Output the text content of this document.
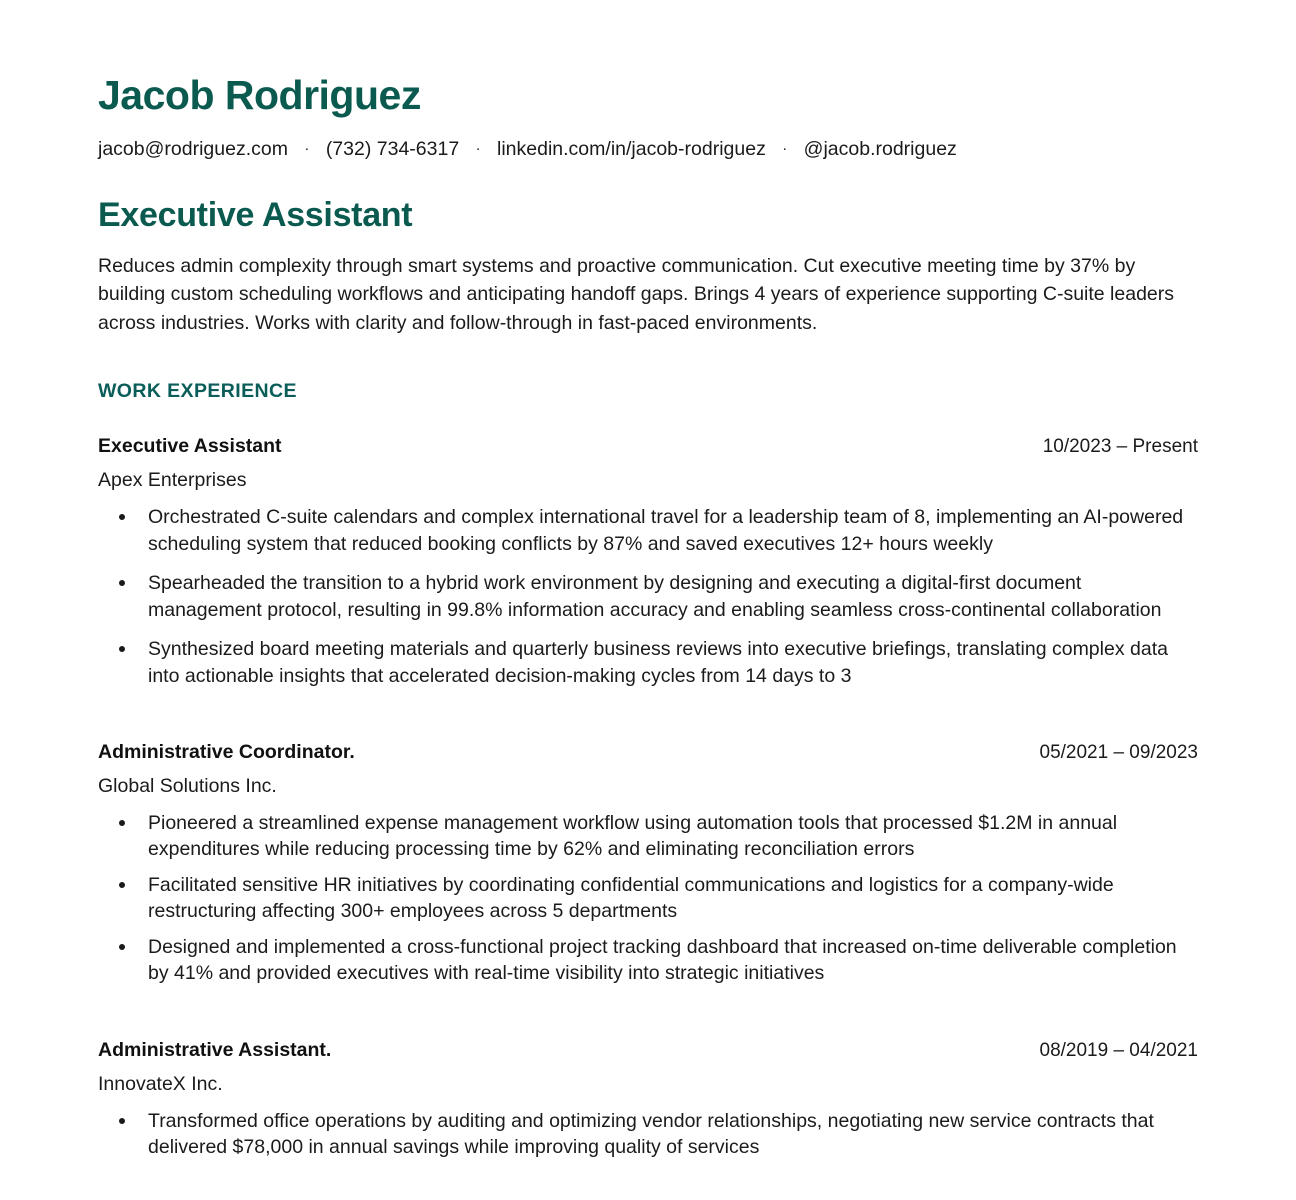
Jacob Rodriguez
jacob@rodriguez.com · (732) 734-6317 · linkedin.com/in/jacob-rodriguez · @jacob.rodriguez
Executive Assistant

Reduces admin complexity through smart systems and proactive communication. Cut executive meeting time by 37% by building custom scheduling workflows and anticipating handoff gaps. Brings 4 years of experience supporting C-suite leaders across industries. Works with clarity and follow-through in fast-paced environments.

WORK EXPERIENCE
Executive Assistant	10/2023 – Present
Apex Enterprises
Orchestrated C-suite calendars and complex international travel for a leadership team of 8, implementing an AI-powered scheduling system that reduced booking conflicts by 87% and saved executives 12+ hours weekly
Spearheaded the transition to a hybrid work environment by designing and executing a digital-first document management protocol, resulting in 99.8% information accuracy and enabling seamless cross-continental collaboration
Synthesized board meeting materials and quarterly business reviews into executive briefings, translating complex data into actionable insights that accelerated decision-making cycles from 14 days to 3
Administrative Coordinator.	05/2021 – 09/2023
Global Solutions Inc.
Pioneered a streamlined expense management workflow using automation tools that processed $1.2M in annual expenditures while reducing processing time by 62% and eliminating reconciliation errors
Facilitated sensitive HR initiatives by coordinating confidential communications and logistics for a company-wide restructuring affecting 300+ employees across 5 departments
Designed and implemented a cross-functional project tracking dashboard that increased on-time deliverable completion by 41% and provided executives with real-time visibility into strategic initiatives
Administrative Assistant.	08/2019 – 04/2021
InnovateX Inc.
Transformed office operations by auditing and optimizing vendor relationships, negotiating new service contracts that delivered $78,000 in annual savings while improving quality of services
